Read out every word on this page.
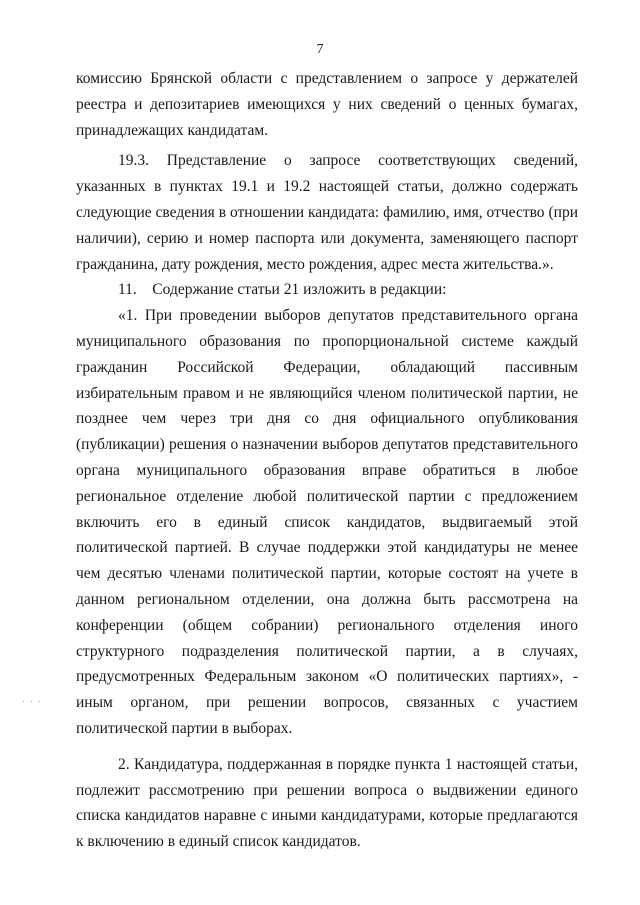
7
· · ·

комиссию Брянской области с представлением о запросе у держателей реестра и депозитариев имеющихся у них сведений о ценных бумагах, принадлежащих кандидатам.

19.3. Представление о запросе соответствующих сведений, указанных в пунктах 19.1 и 19.2 настоящей статьи, должно содержать следующие сведения в отношении кандидата: фамилию, имя, отчество (при наличии), серию и номер паспорта или документа, заменяющего паспорт гражданина, дату рождения, место рождения, адрес места жительства.».

11.    Содержание статьи 21 изложить в редакции:

«1. При проведении выборов депутатов представительного органа муниципального образования по пропорциональной системе каждый гражданин Российской Федерации, обладающий пассивным избирательным правом и не являющийся членом политической партии, не позднее чем через три дня со дня официального опубликования (публикации) решения о назначении выборов депутатов представительного органа муниципального образования вправе обратиться в любое региональное отделение любой политической партии с предложением включить его в единый список кандидатов, выдвигаемый этой политической партией. В случае поддержки этой кандидатуры не менее чем десятью членами политической партии, которые состоят на учете в данном региональном отделении, она должна быть рассмотрена на конференции (общем собрании) регионального отделения иного структурного подразделения политической партии, а в случаях, предусмотренных Федеральным законом «О политических партиях», - иным органом, при решении вопросов, связанных с участием политической партии в выборах.

2. Кандидатура, поддержанная в порядке пункта 1 настоящей статьи, подлежит рассмотрению при решении вопроса о выдвижении единого списка кандидатов наравне с иными кандидатурами, которые предлагаются к включению в единый список кандидатов.
